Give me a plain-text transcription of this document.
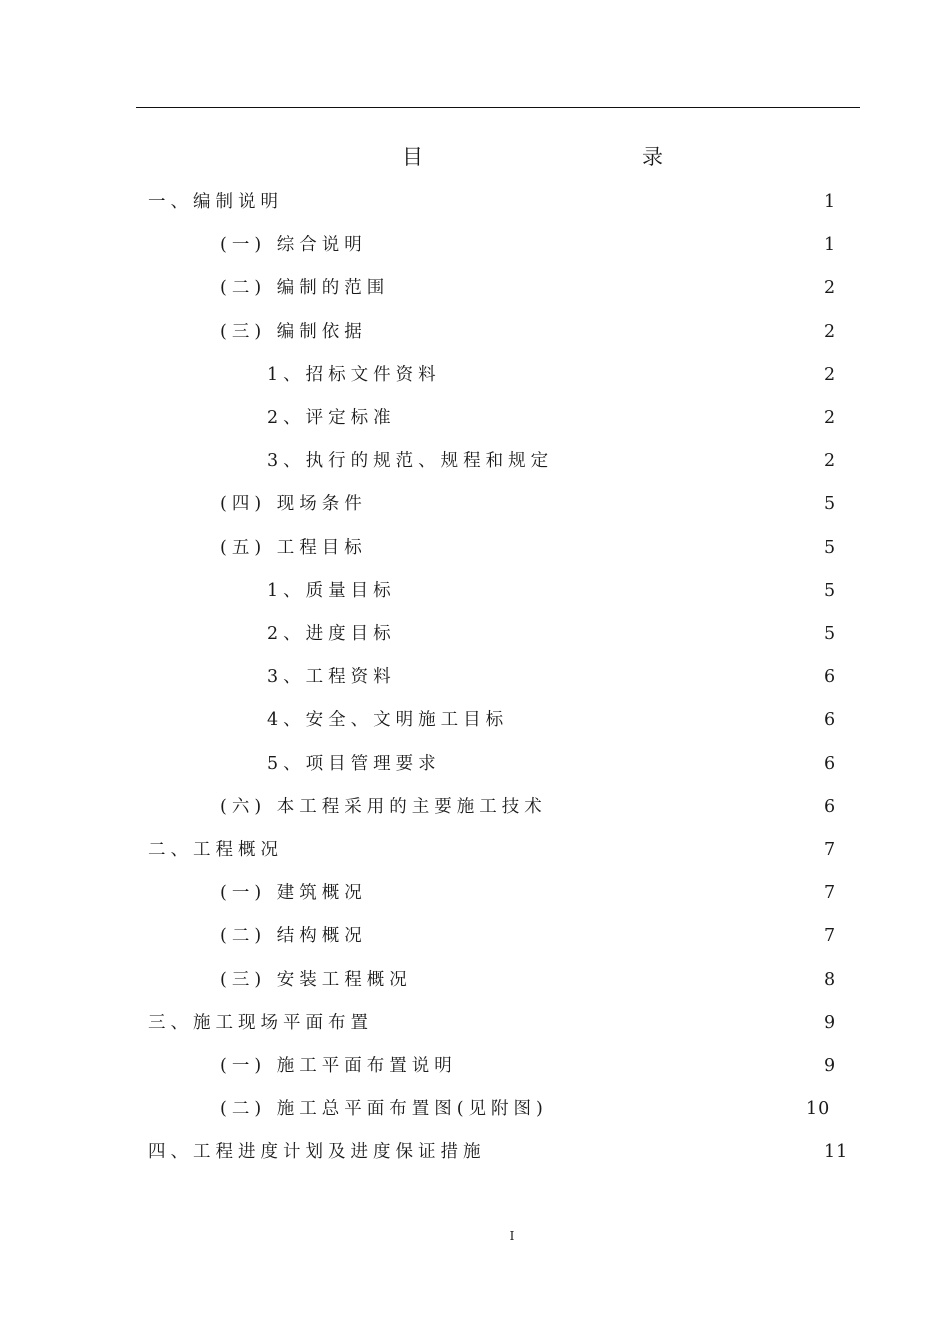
目	录
一、编制说明	1
(一) 综合说明	1
(二) 编制的范围	2
(三) 编制依据	2
1、招标文件资料	2
2、评定标准	2
3、执行的规范、规程和规定	2
(四) 现场条件	5
(五) 工程目标	5
1、质量目标	5
2、进度目标	5
3、工程资料	6
4、安全、文明施工目标	6
5、项目管理要求	6
(六) 本工程采用的主要施工技术	6
二、工程概况	7
(一) 建筑概况	7
(二) 结构概况	7
(三) 安装工程概况	8
三、施工现场平面布置	9
(一) 施工平面布置说明	9
(二) 施工总平面布置图(见附图)	10
四、工程进度计划及进度保证措施	11
I
